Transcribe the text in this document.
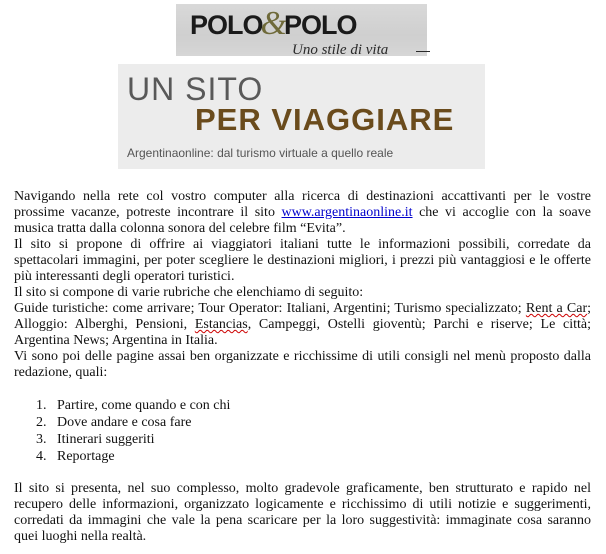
POLO&POLO
Uno stile di vita
UN SITO
PER VIAGGIARE
Argentinaonline: dal turismo virtuale a quello reale

Navigando nella rete col vostro computer alla ricerca di destinazioni accattivanti per le vostre prossime vacanze, potreste incontrare il sito www.argentinaonline.it che vi accoglie con la soave musica tratta dalla colonna sonora del celebre film “Evita”.

Il sito si propone di offrire ai viaggiatori italiani tutte le informazioni possibili, corredate da spettacolari immagini, per poter scegliere le destinazioni migliori, i prezzi più vantaggiosi e le offerte più interessanti degli operatori turistici.

Il sito si compone di varie rubriche che elenchiamo di seguito:

Guide turistiche: come arrivare; Tour Operator: Italiani, Argentini; Turismo specializzato; Rent a Car; Alloggio: Alberghi, Pensioni, Estancias, Campeggi, Ostelli gioventù; Parchi e riserve; Le città; Argentina News; Argentina in Italia.

Vi sono poi delle pagine assai ben organizzate e ricchissime di utili consigli nel menù proposto dalla redazione, quali:

1. Partire, come quando e con chi
2. Dove andare e cosa fare
3. Itinerari suggeriti
4. Reportage

Il sito si presenta, nel suo complesso, molto gradevole graficamente, ben strutturato e rapido nel recupero delle informazioni, organizzato logicamente e ricchissimo di utili notizie e suggerimenti, corredati da immagini che vale la pena scaricare per la loro suggestività: immaginate cosa saranno quei luoghi nella realtà.
